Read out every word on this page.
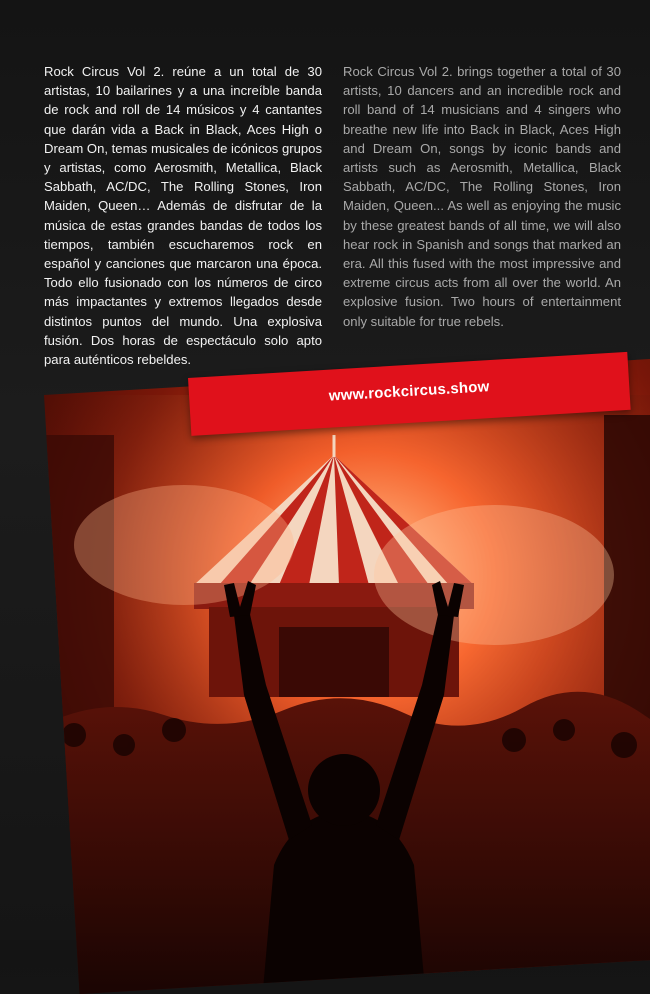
Rock Circus Vol 2. reúne a un total de 30 artistas, 10 bailarines y a una increíble banda de rock and roll de 14 músicos y 4 cantantes que darán vida a Back in Black, Aces High o Dream On, temas musicales de icónicos grupos y artistas, como Aerosmith, Metallica, Black Sabbath, AC/DC, The Rolling Stones, Iron Maiden, Queen… Además de disfrutar de la música de estas grandes bandas de todos los tiempos, también escucharemos rock en español y canciones que marcaron una época. Todo ello fusionado con los números de circo más impactantes y extremos llegados desde distintos puntos del mundo. Una explosiva fusión. Dos horas de espectáculo solo apto para auténticos rebeldes.
Rock Circus Vol 2. brings together a total of 30 artists, 10 dancers and an incredible rock and roll band of 14 musicians and 4 singers who breathe new life into Back in Black, Aces High and Dream On, songs by iconic bands and artists such as Aerosmith, Metallica, Black Sabbath, AC/DC, The Rolling Stones, Iron Maiden, Queen... As well as enjoying the music by these greatest bands of all time, we will also hear rock in Spanish and songs that marked an era. All this fused with the most impressive and extreme circus acts from all over the world. An explosive fusion. Two hours of entertainment only suitable for true rebels.
www.rockcircus.show
